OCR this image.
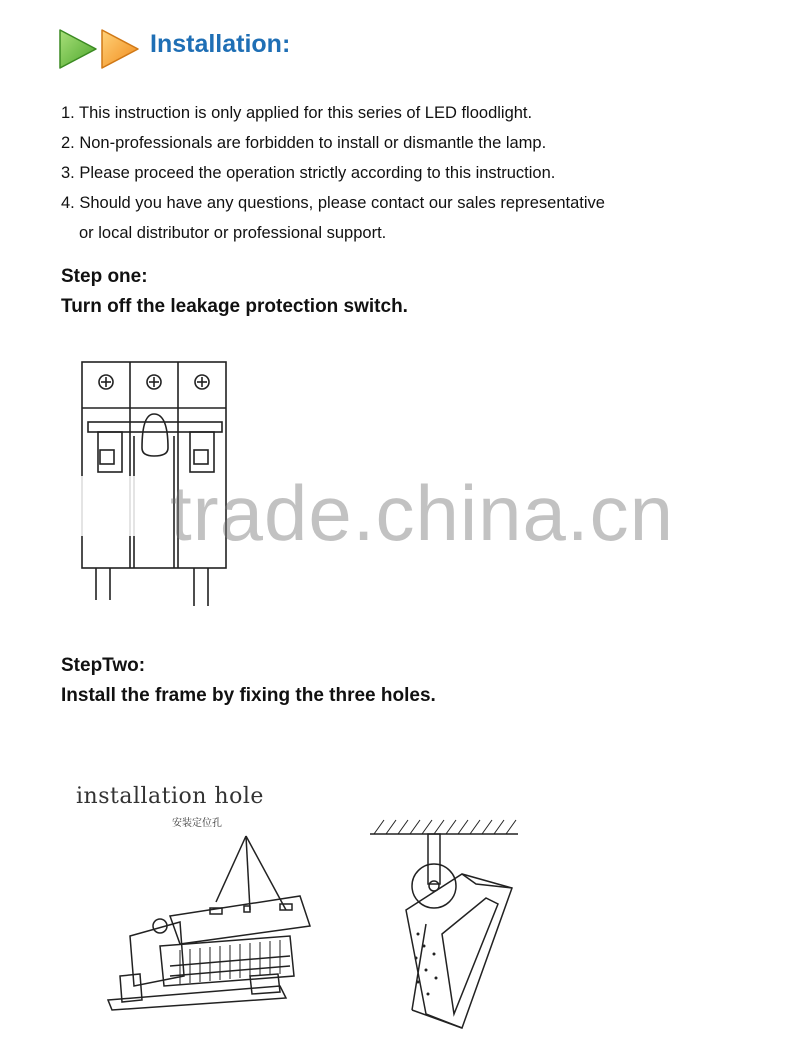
Installation:
1. This instruction is only applied for this series of LED floodlight.
2. Non-professionals are forbidden to install or dismantle the lamp.
3. Please proceed the operation strictly according to this instruction.
4. Should you have any questions, please contact our sales representative
or local distributor or professional support.
Step one:
Turn off the leakage protection switch.
trade.china.cn
StepTwo:
Install the frame by fixing the three holes.
installation hole
安装定位孔
